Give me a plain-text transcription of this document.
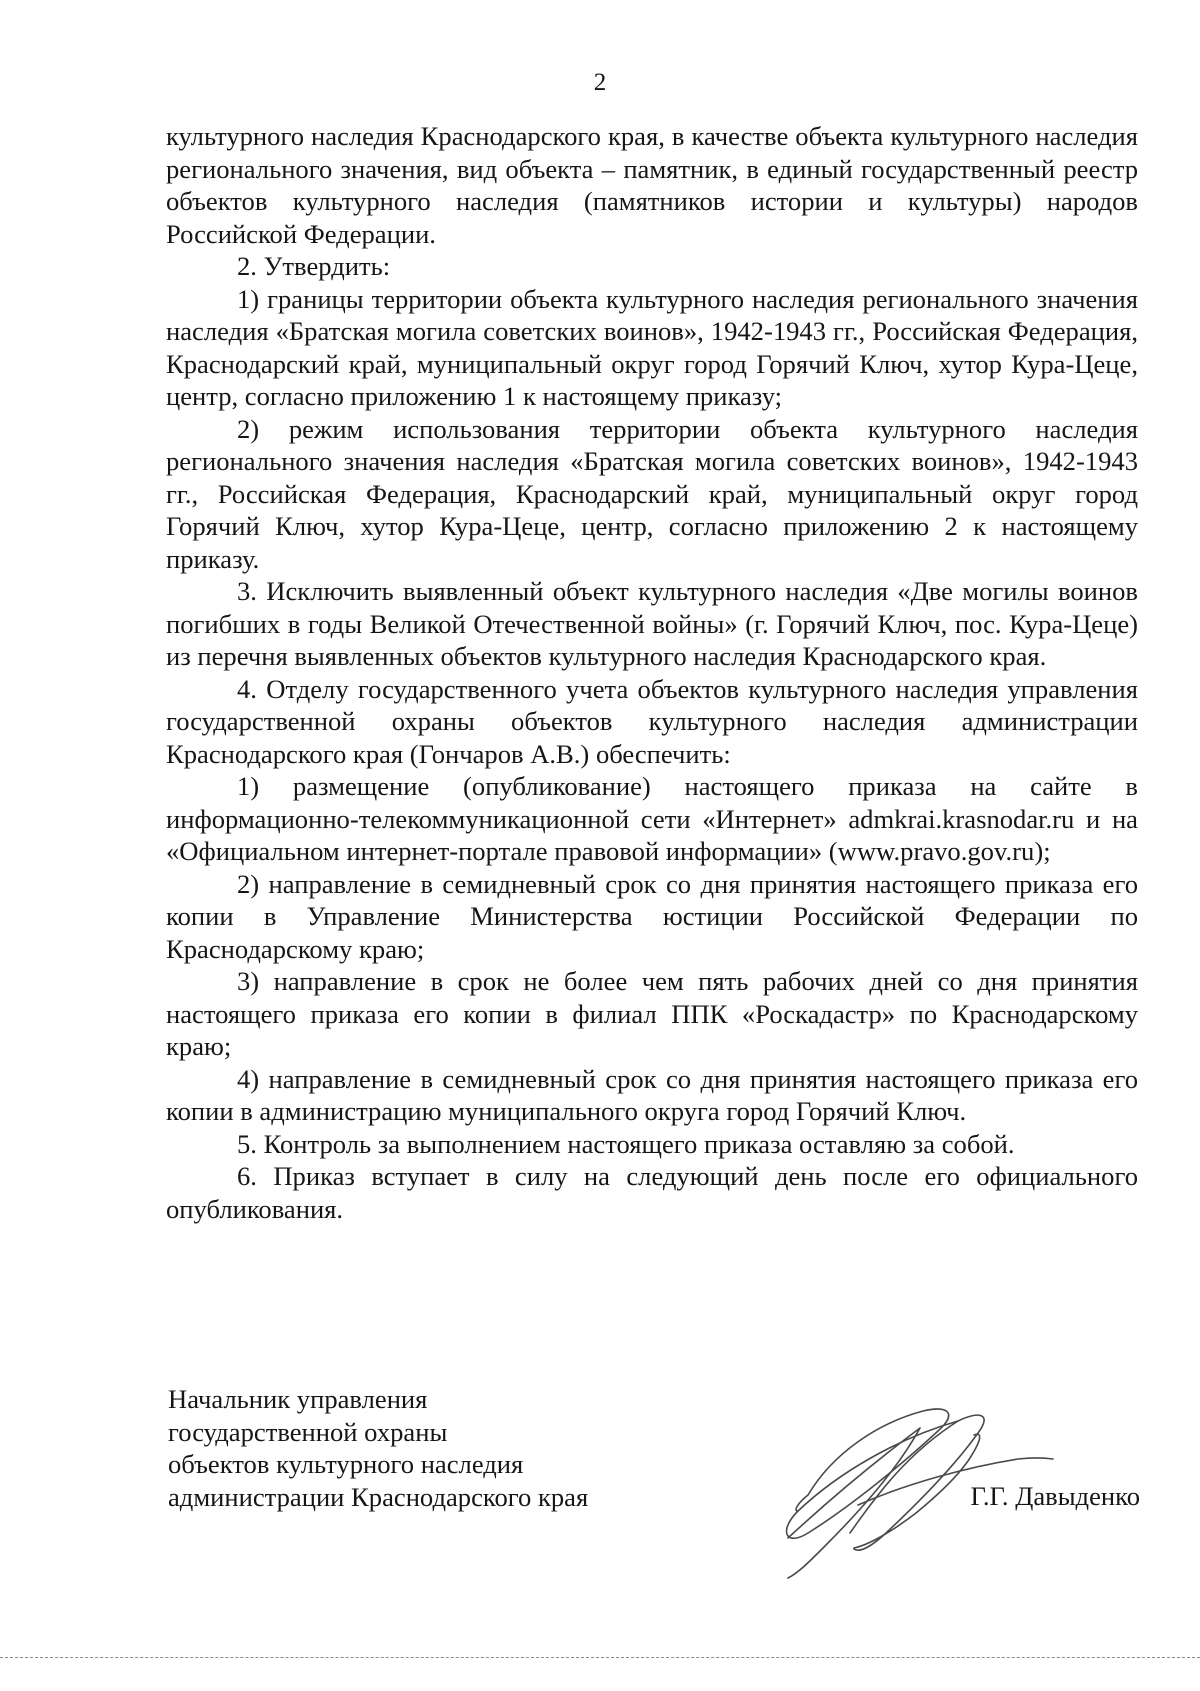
2

культурного наследия Краснодарского края, в качестве объекта культурного наследия регионального значения, вид объекта – памятник, в единый государственный реестр объектов культурного наследия (памятников истории и культуры) народов Российской Федерации.

2. Утвердить:

1) границы территории объекта культурного наследия регионального значения наследия «Братская могила советских воинов», 1942-1943 гг., Российская Федерация, Краснодарский край, муниципальный округ город Горячий Ключ, хутор Кура-Цеце, центр, согласно приложению 1 к настоящему приказу;

2) режим использования территории объекта культурного наследия регионального значения наследия «Братская могила советских воинов», 1942-1943 гг., Российская Федерация, Краснодарский край, муниципальный округ город Горячий Ключ, хутор Кура-Цеце, центр, согласно приложению 2 к настоящему приказу.

3. Исключить выявленный объект культурного наследия «Две могилы воинов погибших в годы Великой Отечественной войны» (г. Горячий Ключ, пос. Кура-Цеце) из перечня выявленных объектов культурного наследия Краснодарского края.

4. Отделу государственного учета объектов культурного наследия управления государственной охраны объектов культурного наследия администрации Краснодарского края (Гончаров А.В.) обеспечить:

1) размещение (опубликование) настоящего приказа на сайте в информационно-телекоммуникационной сети «Интернет» admkrai.krasnodar.ru и на «Официальном интернет-портале правовой информации» (www.pravo.gov.ru);

2) направление в семидневный срок со дня принятия настоящего приказа его копии в Управление Министерства юстиции Российской Федерации по Краснодарскому краю;

3) направление в срок не более чем пять рабочих дней со дня принятия настоящего приказа его копии в филиал ППК «Роскадастр» по Краснодарскому краю;

4) направление в семидневный срок со дня принятия настоящего приказа его копии в администрацию муниципального округа город Горячий Ключ.

5. Контроль за выполнением настоящего приказа оставляю за собой.

6. Приказ вступает в силу на следующий день после его официального опубликования.

Начальник управления
государственной охраны
объектов культурного наследия
администрации Краснодарского края	Г.Г. Давыденко
